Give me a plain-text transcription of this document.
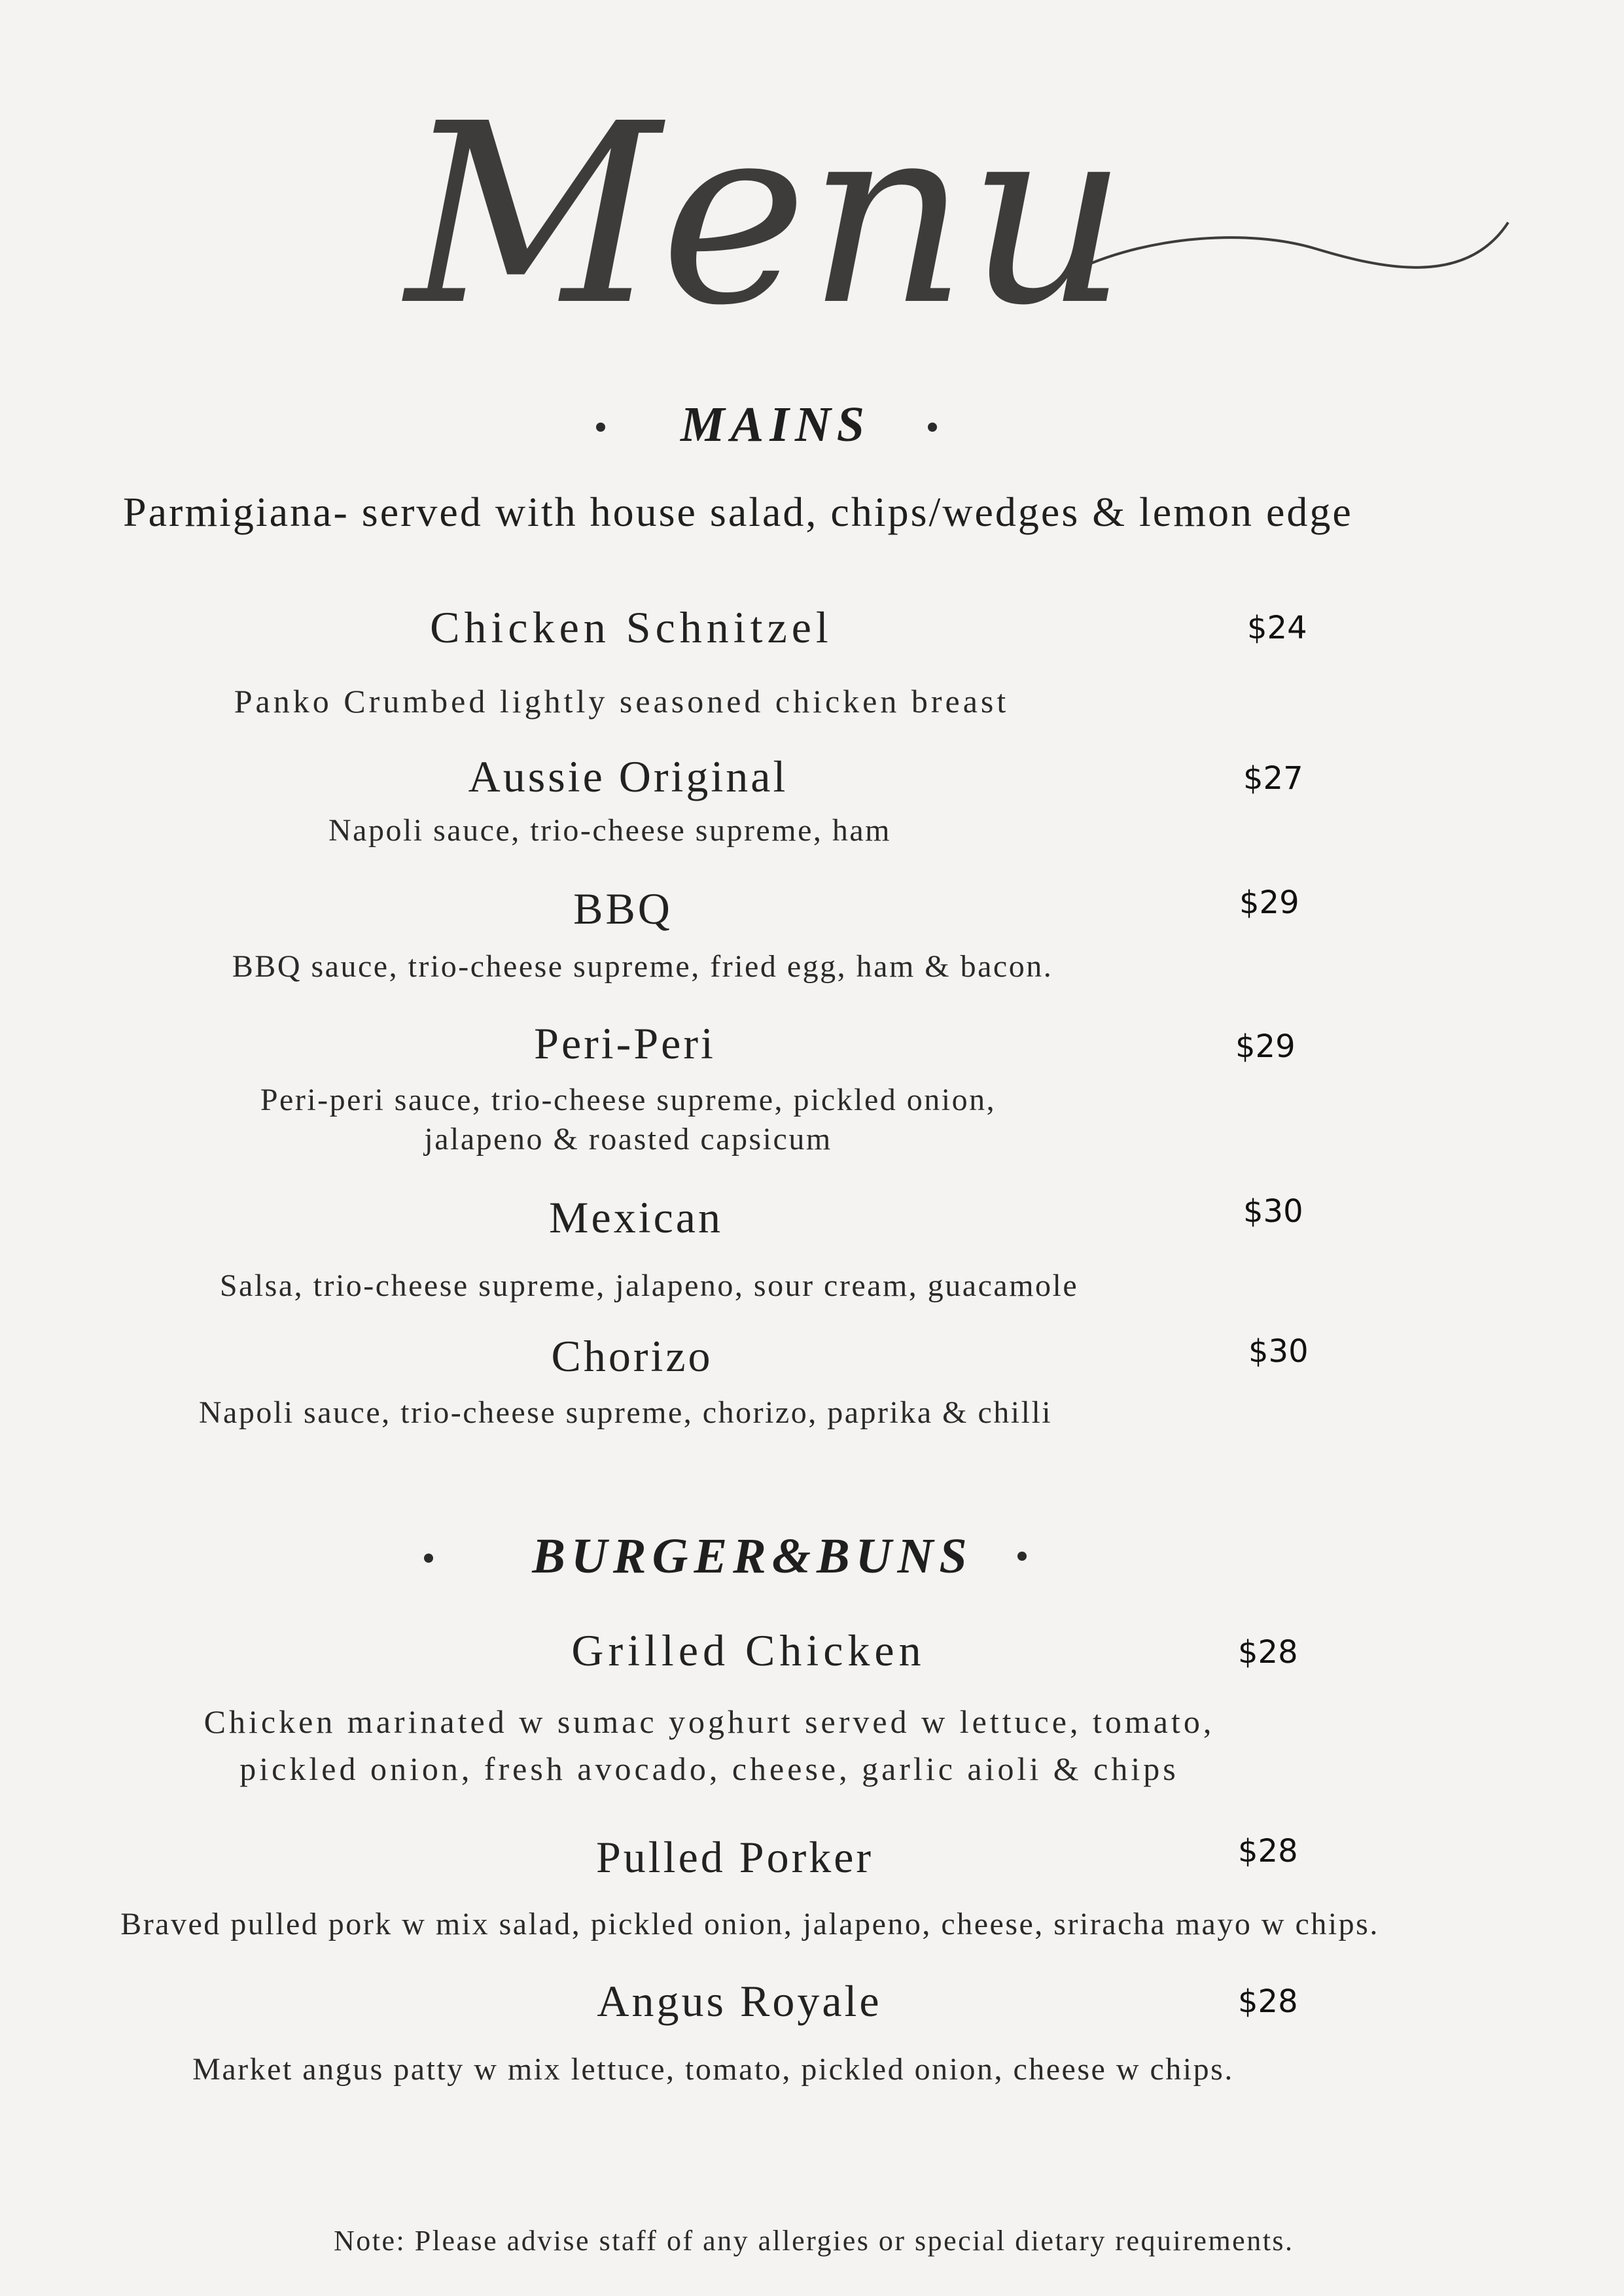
Menu
MAINS
Parmigiana- served with house salad, chips/wedges & lemon edge
Chicken Schnitzel	$24
Panko Crumbed lightly seasoned chicken breast
Aussie Original	$27
Napoli sauce, trio-cheese supreme, ham
BBQ	$29
BBQ sauce, trio-cheese supreme, fried egg, ham & bacon.
Peri-Peri	$29
Peri-peri sauce, trio-cheese supreme, pickled onion,
jalapeno & roasted capsicum
Mexican	$30
Salsa, trio-cheese supreme, jalapeno, sour cream, guacamole
Chorizo	$30
Napoli sauce, trio-cheese supreme, chorizo, paprika & chilli
BURGER&BUNS
Grilled Chicken	$28
Chicken marinated w sumac yoghurt served w lettuce, tomato,
pickled onion, fresh avocado, cheese, garlic aioli & chips
Pulled Porker	$28
Braved pulled pork w mix salad, pickled onion, jalapeno, cheese, sriracha mayo w chips.
Angus Royale	$28
Market angus patty w mix lettuce, tomato, pickled onion, cheese w chips.
Note: Please advise staff of any allergies or special dietary requirements.
